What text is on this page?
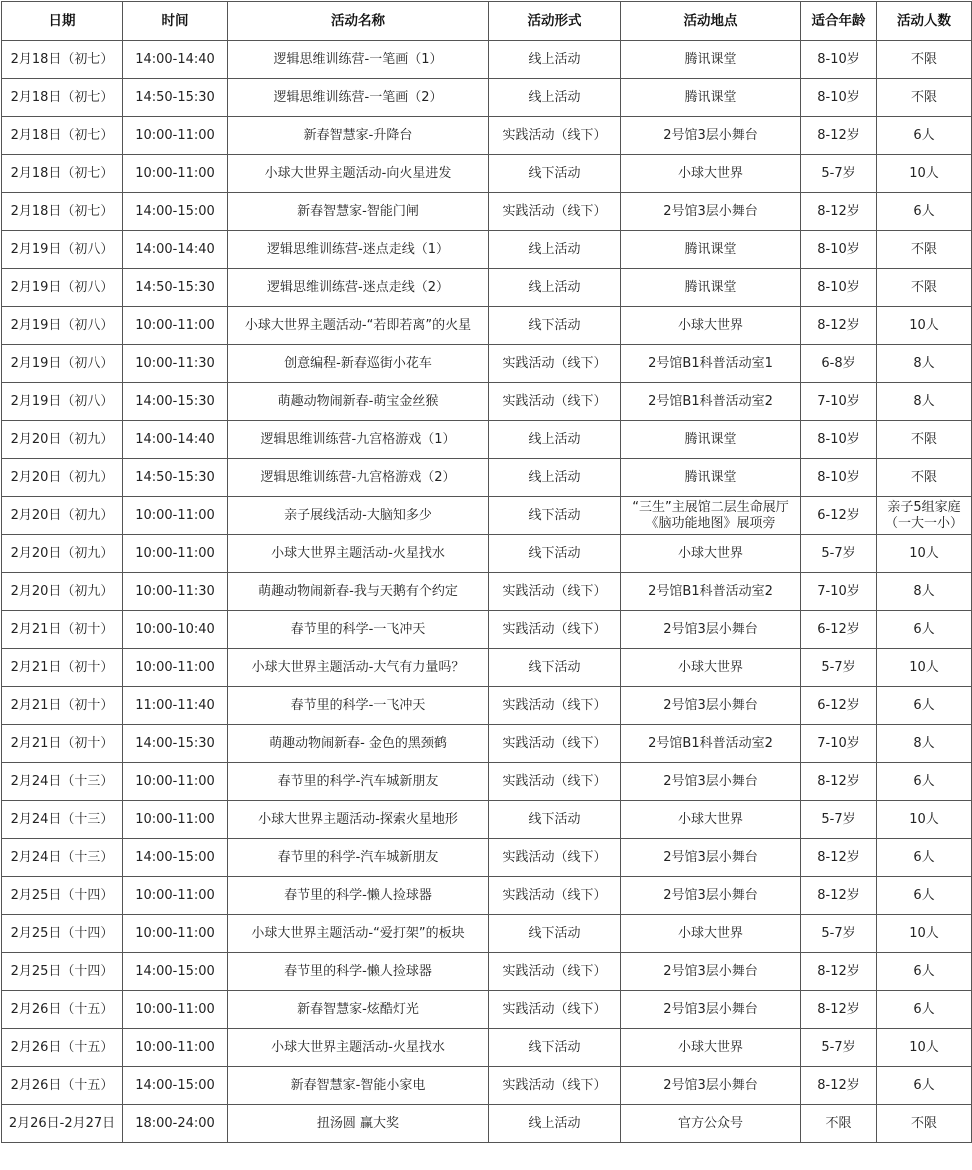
日期	时间	活动名称	活动形式	活动地点	适合年龄	活动人数
2月18日（初七）	14:00-14:40	逻辑思维训练营-一笔画（1）	线上活动	腾讯课堂	8-10岁	不限
2月18日（初七）	14:50-15:30	逻辑思维训练营-一笔画（2）	线上活动	腾讯课堂	8-10岁	不限
2月18日（初七）	10:00-11:00	新春智慧家-升降台	实践活动（线下）	2号馆3层小舞台	8-12岁	6人
2月18日（初七）	10:00-11:00	小球大世界主题活动-向火星进发	线下活动	小球大世界	5-7岁	10人
2月18日（初七）	14:00-15:00	新春智慧家-智能门闸	实践活动（线下）	2号馆3层小舞台	8-12岁	6人
2月19日（初八）	14:00-14:40	逻辑思维训练营-迷点走线（1）	线上活动	腾讯课堂	8-10岁	不限
2月19日（初八）	14:50-15:30	逻辑思维训练营-迷点走线（2）	线上活动	腾讯课堂	8-10岁	不限
2月19日（初八）	10:00-11:00	小球大世界主题活动-“若即若离”的火星	线下活动	小球大世界	8-12岁	10人
2月19日（初八）	10:00-11:30	创意编程-新春巡街小花车	实践活动（线下）	2号馆B1科普活动室1	6-8岁	8人
2月19日（初八）	14:00-15:30	萌趣动物闹新春-萌宝金丝猴	实践活动（线下）	2号馆B1科普活动室2	7-10岁	8人
2月20日（初九）	14:00-14:40	逻辑思维训练营-九宫格游戏（1）	线上活动	腾讯课堂	8-10岁	不限
2月20日（初九）	14:50-15:30	逻辑思维训练营-九宫格游戏（2）	线上活动	腾讯课堂	8-10岁	不限
2月20日（初九）	10:00-11:00	亲子展线活动-大脑知多少	线下活动	“三生”主展馆二层生命展厅《脑功能地图》展项旁	6-12岁	亲子5组家庭（一大一小）
2月20日（初九）	10:00-11:00	小球大世界主题活动-火星找水	线下活动	小球大世界	5-7岁	10人
2月20日（初九）	10:00-11:30	萌趣动物闹新春-我与天鹅有个约定	实践活动（线下）	2号馆B1科普活动室2	7-10岁	8人
2月21日（初十）	10:00-10:40	春节里的科学-一飞冲天	实践活动（线下）	2号馆3层小舞台	6-12岁	6人
2月21日（初十）	10:00-11:00	小球大世界主题活动-大气有力量吗？	线下活动	小球大世界	5-7岁	10人
2月21日（初十）	11:00-11:40	春节里的科学-一飞冲天	实践活动（线下）	2号馆3层小舞台	6-12岁	6人
2月21日（初十）	14:00-15:30	萌趣动物闹新春- 金色的黑颈鹤	实践活动（线下）	2号馆B1科普活动室2	7-10岁	8人
2月24日（十三）	10:00-11:00	春节里的科学-汽车城新朋友	实践活动（线下）	2号馆3层小舞台	8-12岁	6人
2月24日（十三）	10:00-11:00	小球大世界主题活动-探索火星地形	线下活动	小球大世界	5-7岁	10人
2月24日（十三）	14:00-15:00	春节里的科学-汽车城新朋友	实践活动（线下）	2号馆3层小舞台	8-12岁	6人
2月25日（十四）	10:00-11:00	春节里的科学-懒人捡球器	实践活动（线下）	2号馆3层小舞台	8-12岁	6人
2月25日（十四）	10:00-11:00	小球大世界主题活动-“爱打架”的板块	线下活动	小球大世界	5-7岁	10人
2月25日（十四）	14:00-15:00	春节里的科学-懒人捡球器	实践活动（线下）	2号馆3层小舞台	8-12岁	6人
2月26日（十五）	10:00-11:00	新春智慧家-炫酷灯光	实践活动（线下）	2号馆3层小舞台	8-12岁	6人
2月26日（十五）	10:00-11:00	小球大世界主题活动-火星找水	线下活动	小球大世界	5-7岁	10人
2月26日（十五）	14:00-15:00	新春智慧家-智能小家电	实践活动（线下）	2号馆3层小舞台	8-12岁	6人
2月26日-2月27日	18:00-24:00	扭汤圆 赢大奖	线上活动	官方公众号	不限	不限
